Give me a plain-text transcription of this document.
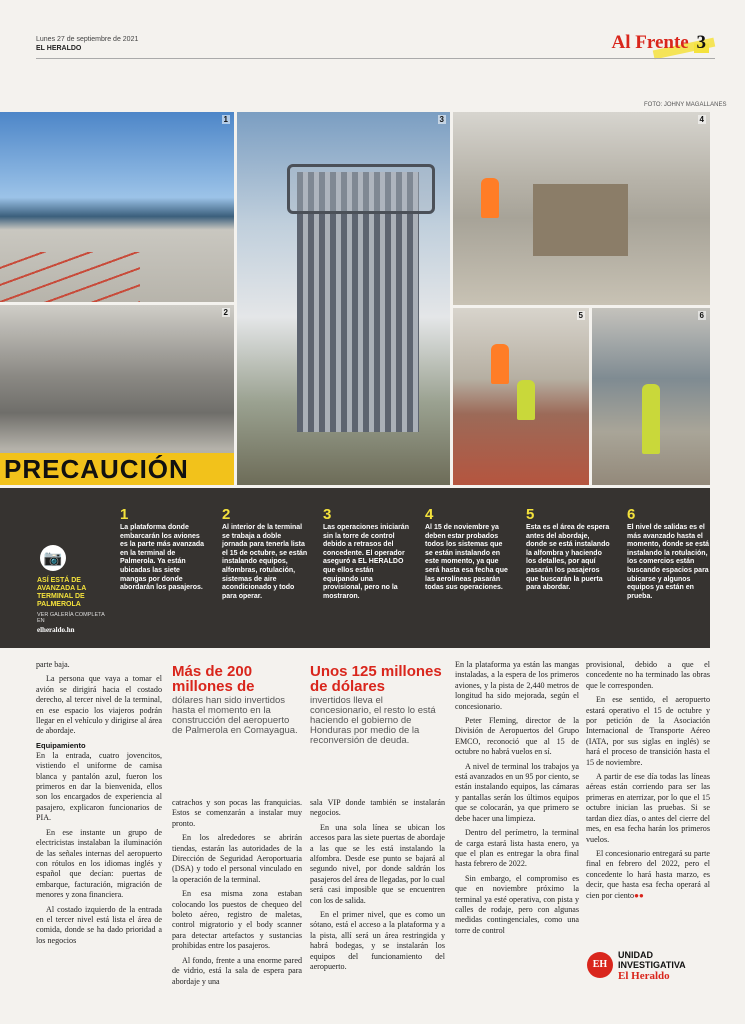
Lunes 27 de septiembre de 2021
EL HERALDO	Al Frente 3
FOTO: JOHNY MAGALLANES
1
2
PRECAUCIÓN
3	4
5	6
📷
ASÍ ESTÁ DE AVANZADA LA TERMINAL DE PALMEROLA
VER GALERÍA COMPLETA EN
elheraldo.hn
1
La plataforma donde embarcarán los aviones es la parte más avanzada en la terminal de Palmerola. Ya están ubicadas las siete mangas por donde abordarán los pasajeros.
2
Al interior de la terminal se trabaja a doble jornada para tenerla lista el 15 de octubre, se están instalando equipos, alfombras, rotulación, sistemas de aire acondicionado y todo para operar.
3
Las operaciones iniciarán sin la torre de control debido a retrasos del concedente. El operador aseguró a EL HERALDO que ellos están equipando una provisional, pero no la mostraron.
4
Al 15 de noviembre ya deben estar probados todos los sistemas que se están instalando en este momento, ya que será hasta esa fecha que las aerolíneas pasarán todas sus operaciones.
5
Esta es el área de espera antes del abordaje, donde se está instalando la alfombra y haciendo los detalles, por aquí pasarán los pasajeros que buscarán la puerta para abordar.
6
El nivel de salidas es el más avanzado hasta el momento, donde se está instalando la rotulación, los comercios están buscando espacios para ubicarse y algunos equipos ya están en prueba.
Más de 200 millones de
dólares han sido invertidos hasta el momento en la construcción del aeropuerto de Palmerola en Comayagua.
Unos 125 millones de dólares
invertidos lleva el concesionario, el resto lo está haciendo el gobierno de Honduras por medio de la reconversión de deuda.

parte baja.

La persona que vaya a tomar el avión se dirigirá hacia el costado derecho, al tercer nivel de la terminal, en ese espacio los viajeros podrán llegar en el vehículo y dirigirse al área de abordaje.

Equipamiento

En la entrada, cuatro jovencitos, vistiendo el uniforme de camisa blanca y pantalón azul, fueron los primeros en dar la bienvenida, ellos son los encargados de experiencia al pasajero, explicaron funcionarios de PIA.

En ese instante un grupo de electricistas instalaban la iluminación de las señales internas del aeropuerto con rótulos en los idiomas inglés y español que decían: puertas de embarque, facturación, migración de menores y zona financiera.

Al costado izquierdo de la entrada en el tercer nivel está lista el área de comida, donde se ha dado prioridad a los negocios

catrachos y son pocas las franquicias. Estos se comenzarán a instalar muy pronto.

En los alrededores se abrirán tiendas, estarán las autoridades de la Dirección de Seguridad Aeroportuaria (DSA) y todo el personal vinculado en la operación de la terminal.

En esa misma zona estaban colocando los puestos de chequeo del boleto aéreo, registro de maletas, control migratorio y el body scanner para detectar artefactos y sustancias prohibidas entre los pasajeros.

Al fondo, frente a una enorme pared de vidrio, está la sala de espera para abordaje y una

sala VIP donde también se instalarán negocios.

En una sola línea se ubican los accesos para las siete puertas de abordaje a las que se les está instalando la alfombra. Desde ese punto se bajará al segundo nivel, por donde saldrán los pasajeros del área de llegadas, por lo cual será casi imposible que se encuentren con los de salida.

En el primer nivel, que es como un sótano, está el acceso a la plataforma y a la pista, allí será un área restringida y habrá bodegas, y se instalarán los equipos del funcionamiento del aeropuerto.

En la plataforma ya están las mangas instaladas, a la espera de los primeros aviones, y la pista de 2,440 metros de longitud ha sido mejorada, según el concesionario.

Peter Fleming, director de la División de Aeropuertos del Grupo EMCO, reconoció que al 15 de octubre no habrá vuelos en sí.

A nivel de terminal los trabajos ya está avanzados en un 95 por ciento, se están instalando equipos, las cámaras y pantallas serán los últimos equipos que se colocarán, ya que primero se debe hacer una limpieza.

Dentro del perímetro, la terminal de carga estará lista hasta enero, ya que el plan es entregar la obra final hasta febrero de 2022.

Sin embargo, el compromiso es que en noviembre próximo la terminal ya esté operativa, con pista y calles de rodaje, pero con algunas medidas contingenciales, como una torre de control

provisional, debido a que el concedente no ha terminado las obras que le corresponden.

En ese sentido, el aeropuerto estará operativo el 15 de octubre y por petición de la Asociación Internacional de Transporte Aéreo (IATA, por sus siglas en inglés) se hará el proceso de transición hasta el 15 de noviembre.

A partir de ese día todas las líneas aéreas están corriendo para ser las primeras en aterrizar, por lo que el 15 octubre inician las pruebas. Si se tardan diez días, o antes del cierre del mes, en esa fecha harán los primeros vuelos.

El concesionario entregará su parte final en febrero del 2022, pero el concedente lo hará hasta marzo, es decir, que hasta esa fecha operará al cien por ciento●●

EH
UNIDAD
INVESTIGATIVA
El Heraldo
